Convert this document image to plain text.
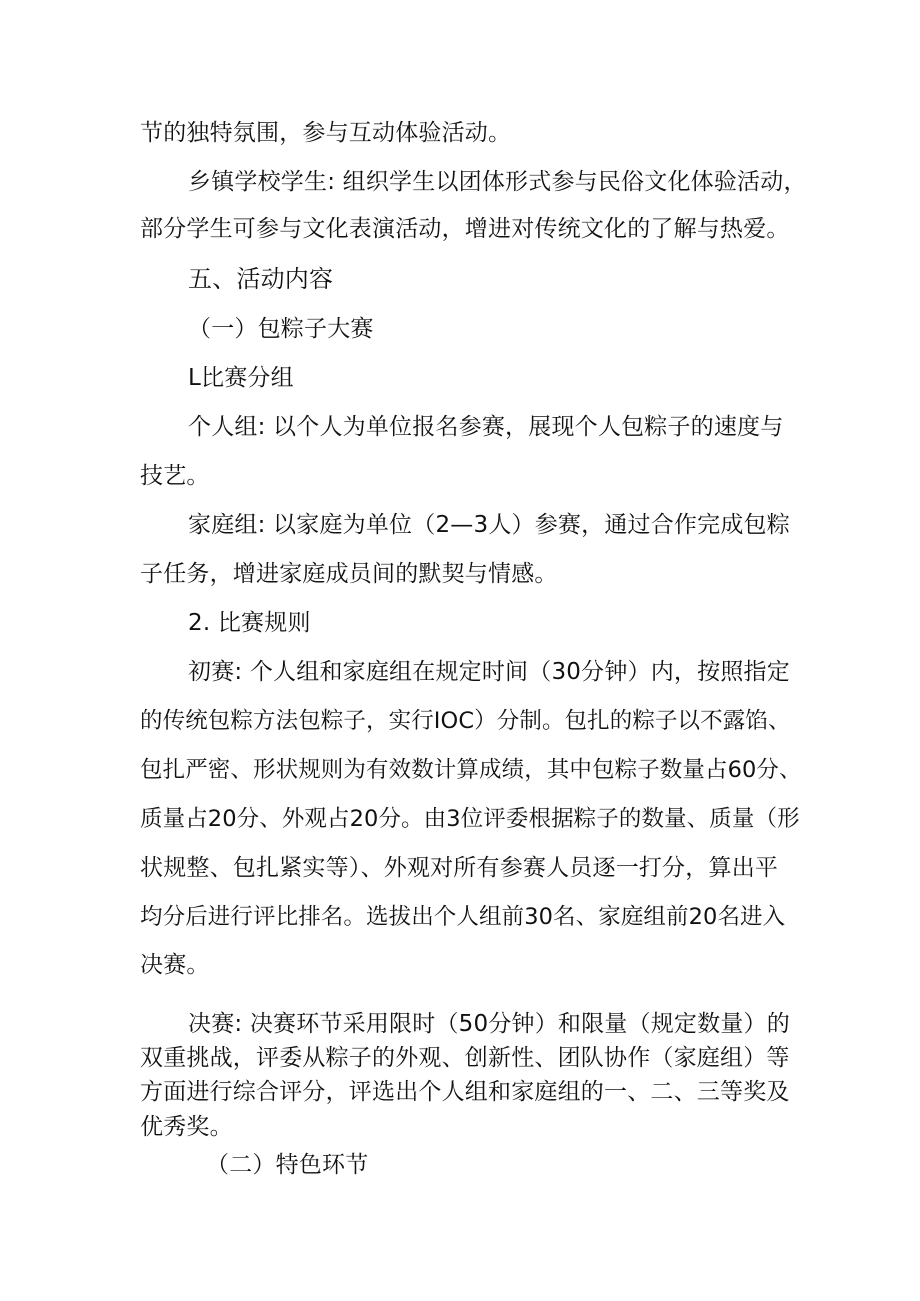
节的独特氛围，参与互动体验活动。
乡镇学校学生: 组织学生以团体形式参与民俗文化体验活动，
部分学生可参与文化表演活动，增进对传统文化的了解与热爱。
五、活动内容
（一）包粽子大赛
L比赛分组
个人组: 以个人为单位报名参赛，展现个人包粽子的速度与
技艺。
家庭组: 以家庭为单位（2—3人）参赛，通过合作完成包粽
子任务，增进家庭成员间的默契与情感。
2. 比赛规则
初赛: 个人组和家庭组在规定时间（30分钟）内，按照指定
的传统包粽方法包粽子，实行IOC）分制。包扎的粽子以不露馅、
包扎严密、形状规则为有效数计算成绩，其中包粽子数量占60分、
质量占20分、外观占20分。由3位评委根据粽子的数量、质量（形
状规整、包扎紧实等）、外观对所有参赛人员逐一打分，算出平
均分后进行评比排名。选拔出个人组前30名、家庭组前20名进入
决赛。
决赛: 决赛环节采用限时（50分钟）和限量（规定数量）的
双重挑战，评委从粽子的外观、创新性、团队协作（家庭组）等
方面进行综合评分，评选出个人组和家庭组的一、二、三等奖及
优秀奖。
（二）特色环节
